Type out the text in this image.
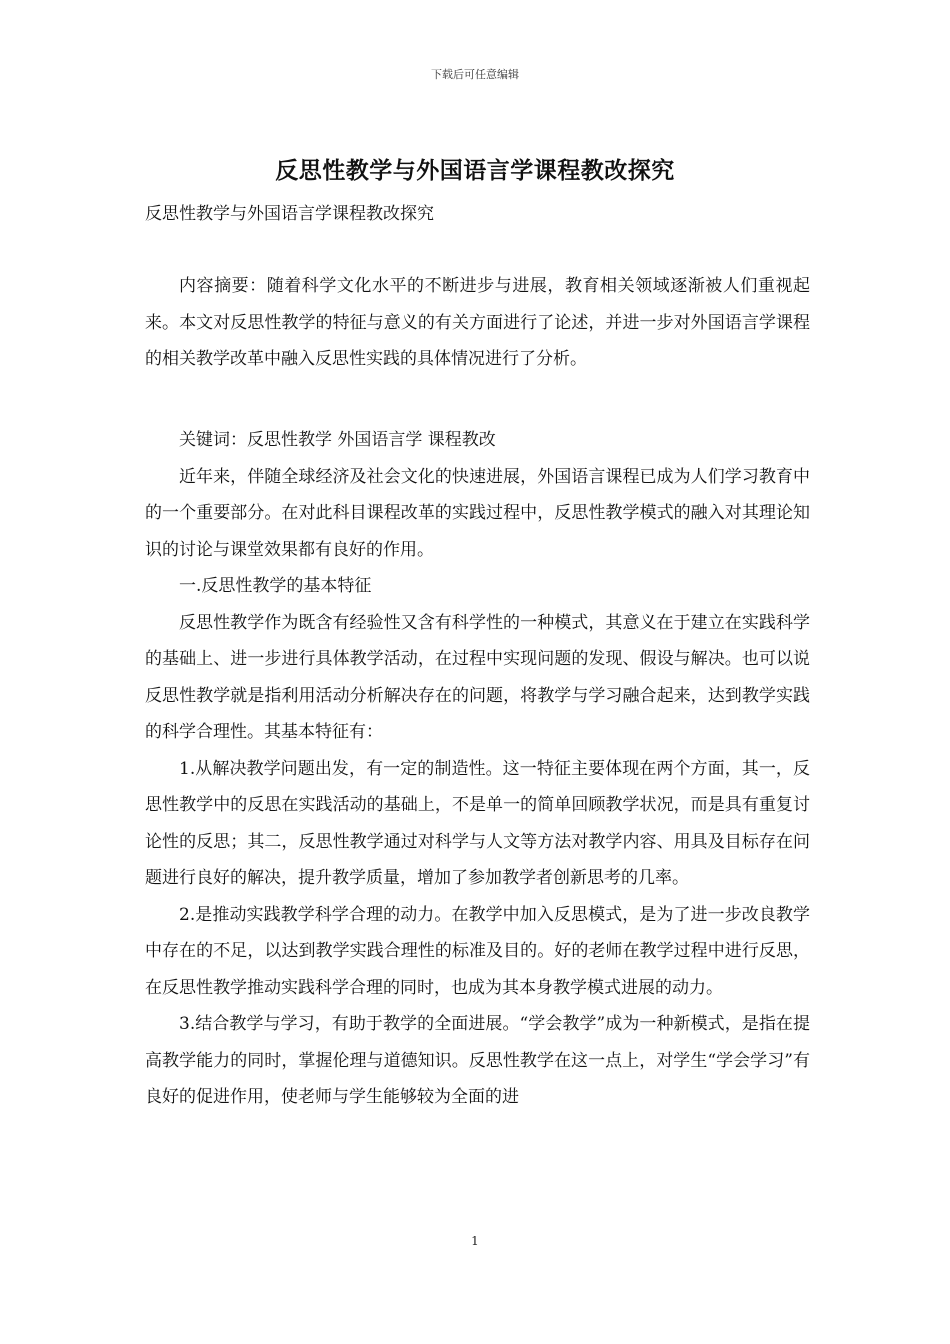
下载后可任意编辑
反思性教学与外国语言学课程教改探究
反思性教学与外国语言学课程教改探究

内容摘要：随着科学文化水平的不断进步与进展，教育相关领域逐渐被人们重视起来。本文对反思性教学的特征与意义的有关方面进行了论述，并进一步对外国语言学课程的相关教学改革中融入反思性实践的具体情况进行了分析。

关键词：反思性教学 外国语言学 课程教改

近年来，伴随全球经济及社会文化的快速进展，外国语言课程已成为人们学习教育中的一个重要部分。在对此科目课程改革的实践过程中，反思性教学模式的融入对其理论知识的讨论与课堂效果都有良好的作用。

一.反思性教学的基本特征

反思性教学作为既含有经验性又含有科学性的一种模式，其意义在于建立在实践科学的基础上、进一步进行具体教学活动，在过程中实现问题的发现、假设与解决。也可以说反思性教学就是指利用活动分析解决存在的问题，将教学与学习融合起来，达到教学实践的科学合理性。其基本特征有：

1.从解决教学问题出发，有一定的制造性。这一特征主要体现在两个方面，其一，反思性教学中的反思在实践活动的基础上，不是单一的简单回顾教学状况，而是具有重复讨论性的反思；其二，反思性教学通过对科学与人文等方法对教学内容、用具及目标存在问题进行良好的解决，提升教学质量，增加了参加教学者创新思考的几率。

2.是推动实践教学科学合理的动力。在教学中加入反思模式，是为了进一步改良教学中存在的不足，以达到教学实践合理性的标准及目的。好的老师在教学过程中进行反思，在反思性教学推动实践科学合理的同时，也成为其本身教学模式进展的动力。

3.结合教学与学习，有助于教学的全面进展。“学会教学”成为一种新模式，是指在提高教学能力的同时，掌握伦理与道德知识。反思性教学在这一点上，对学生“学会学习”有良好的促进作用，使老师与学生能够较为全面的进

1
